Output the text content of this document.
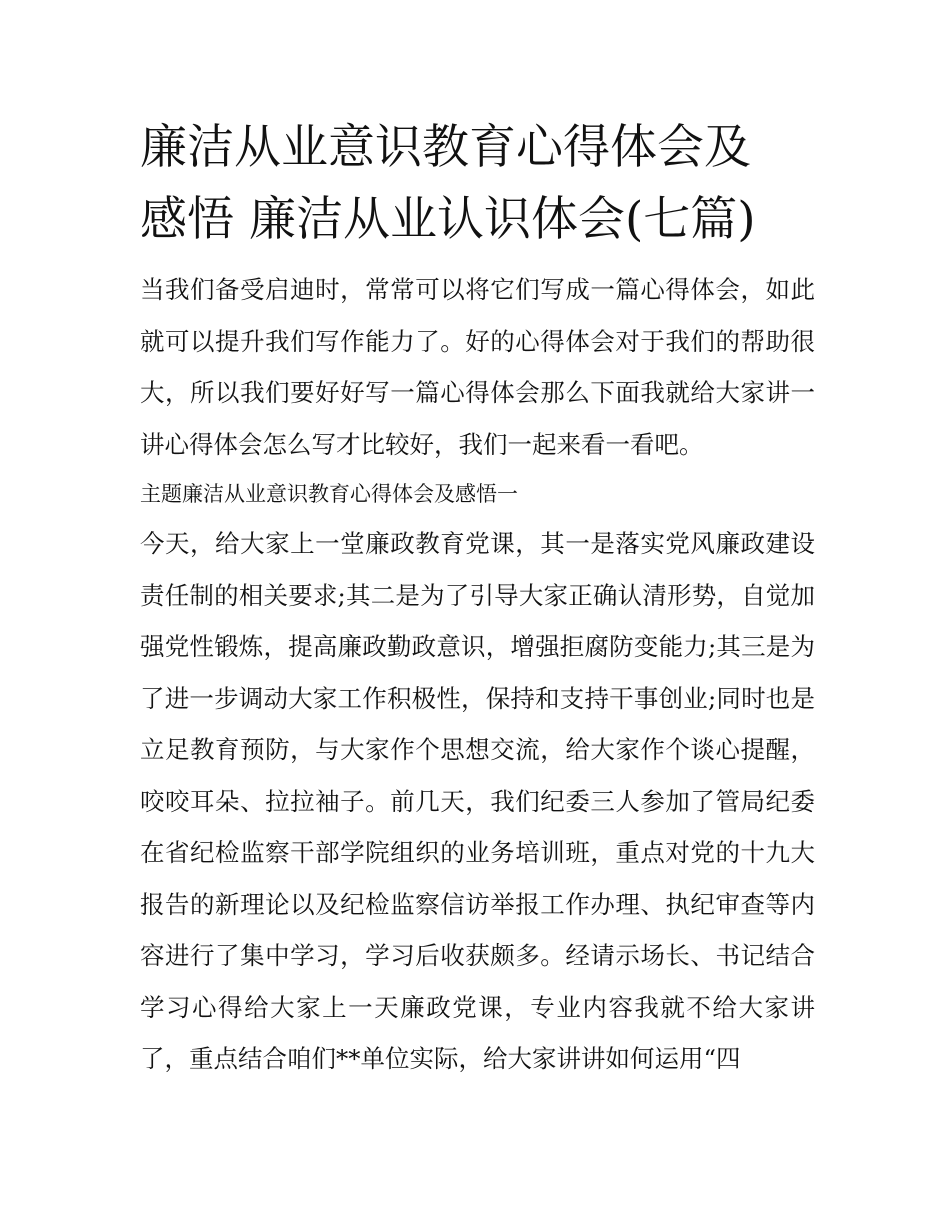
廉洁从业意识教育心得体会及
感悟 廉洁从业认识体会(七篇)

当我们备受启迪时，常常可以将它们写成一篇心得体会，如此就可以提升我们写作能力了。好的心得体会对于我们的帮助很大，所以我们要好好写一篇心得体会那么下面我就给大家讲一讲心得体会怎么写才比较好，我们一起来看一看吧。

主题廉洁从业意识教育心得体会及感悟一

今天，给大家上一堂廉政教育党课，其一是落实党风廉政建设责任制的相关要求;其二是为了引导大家正确认清形势，自觉加强党性锻炼，提高廉政勤政意识，增强拒腐防变能力;其三是为了进一步调动大家工作积极性，保持和支持干事创业;同时也是立足教育预防，与大家作个思想交流，给大家作个谈心提醒，咬咬耳朵、拉拉袖子。前几天，我们纪委三人参加了管局纪委在省纪检监察干部学院组织的业务培训班，重点对党的十九大报告的新理论以及纪检监察信访举报工作办理、执纪审查等内容进行了集中学习，学习后收获颇多。经请示场长、书记结合学习心得给大家上一天廉政党课，专业内容我就不给大家讲了，重点结合咱们**单位实际，给大家讲讲如何运用“四
